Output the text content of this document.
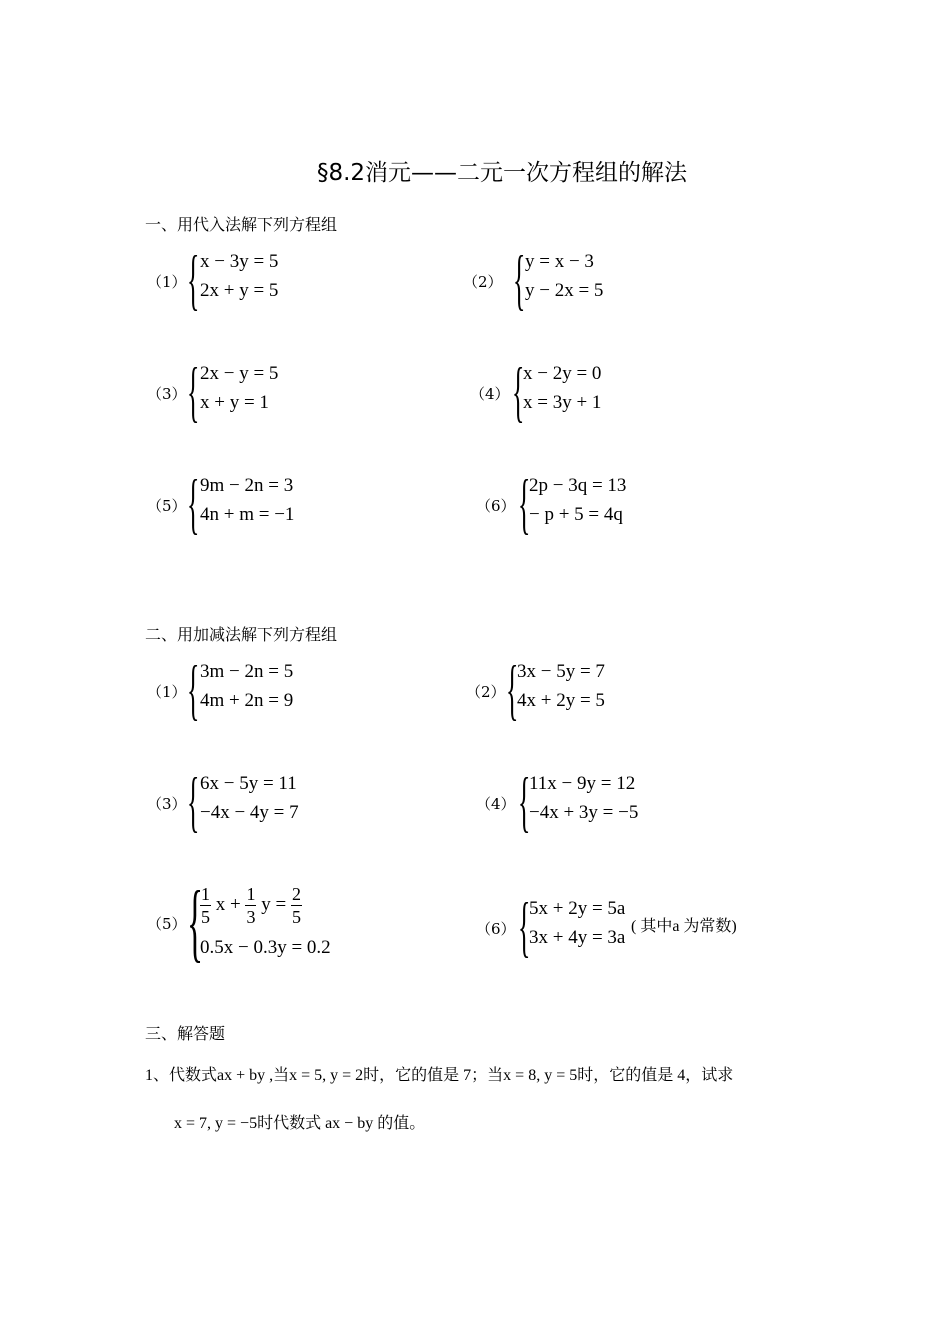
§8.2消元——二元一次方程组的解法
一、用代入法解下列方程组
（1） { x − 3y = 5
2x + y = 5	（2） { y = x − 3
y − 2x = 5
（3） { 2x − y = 5
x + y = 1	（4） {
x − 2y = 0
x = 3y + 1
（5） { 9m − 2n = 3
4n + m = −1	（6） {
2p − 3q = 13
− p + 5 = 4q
二、用加减法解下列方程组
（1） { 3m − 2n = 5
4m + 2n = 9	（2） {
3x − 5y = 7
4x + 2y = 5
（3） { 6x − 5y = 11
−4x − 4y = 7	（4） {
11x − 9y = 12
−4x + 3y = −5
（5） {
$\frac{1}{5}$ $x + \frac{1}{3}$ $y = \frac{2}{5}$
0.5x − 0.3y = 0.2
（6） {
5x + 2y = 5a
3x + 4y = 3a
( 其中a 为常数)
三、解答题
1、代数式ax + by ,当x = 5, y = 2时，它的值是 7；当x = 8, y = 5时，它的值是 4，试求
x = 7, y = −5时代数式 ax − by 的值。
